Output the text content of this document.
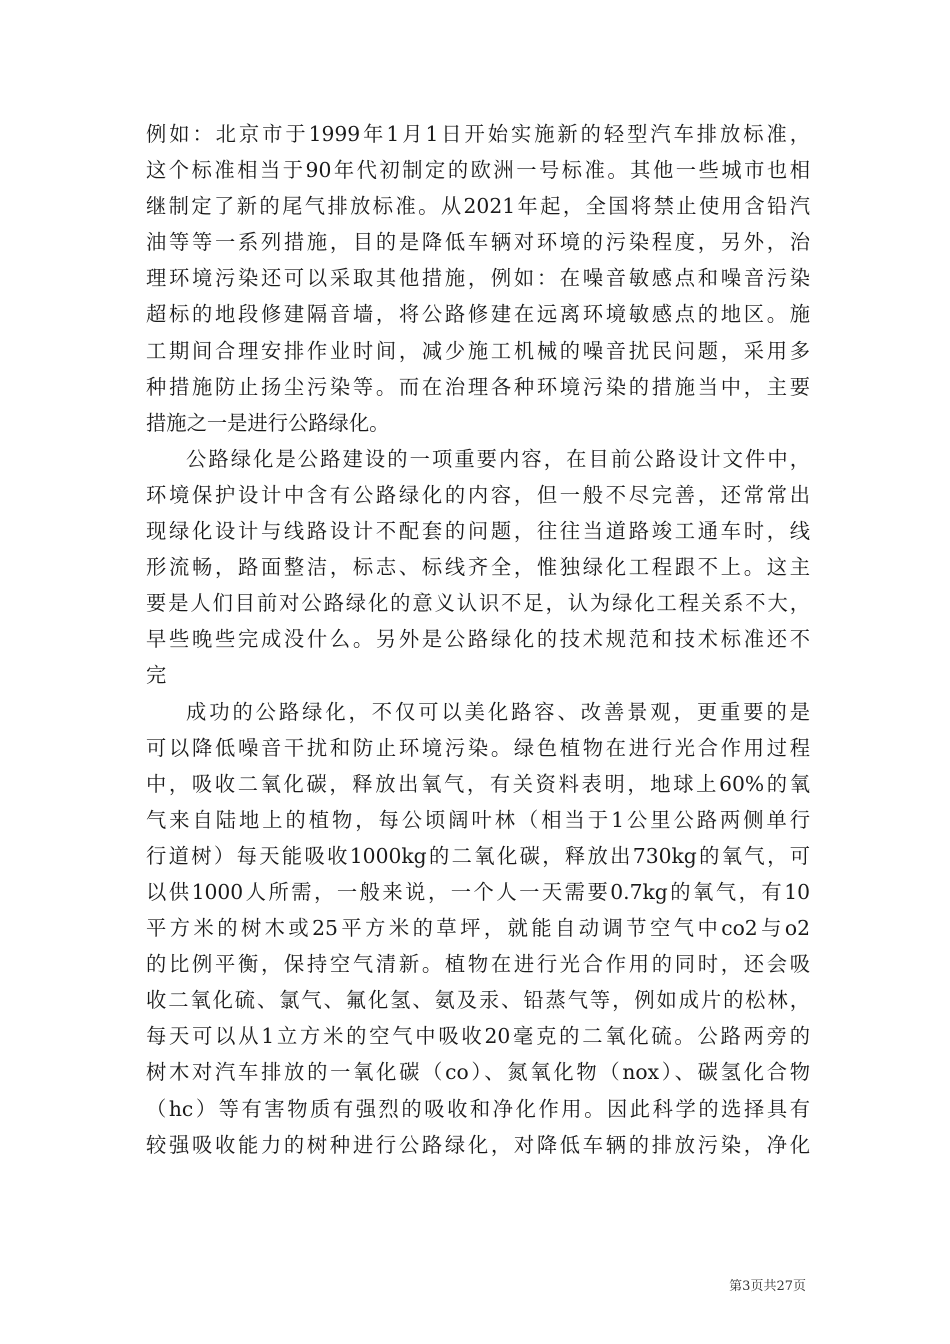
例如：北京市于1999年1月1日开始实施新的轻型汽车排放标准，
这个标准相当于90年代初制定的欧洲一号标准。其他一些城市也相
继制定了新的尾气排放标准。从2021年起，全国将禁止使用含铅汽
油等等一系列措施，目的是降低车辆对环境的污染程度，另外，治
理环境污染还可以采取其他措施，例如：在噪音敏感点和噪音污染
超标的地段修建隔音墙，将公路修建在远离环境敏感点的地区。施
工期间合理安排作业时间，减少施工机械的噪音扰民问题，采用多
种措施防止扬尘污染等。而在治理各种环境污染的措施当中，主要
措施之一是进行公路绿化。
公路绿化是公路建设的一项重要内容，在目前公路设计文件中，
环境保护设计中含有公路绿化的内容，但一般不尽完善，还常常出
现绿化设计与线路设计不配套的问题，往往当道路竣工通车时，线
形流畅，路面整洁，标志、标线齐全，惟独绿化工程跟不上。这主
要是人们目前对公路绿化的意义认识不足，认为绿化工程关系不大，
早些晚些完成没什么。另外是公路绿化的技术规范和技术标准还不
完
成功的公路绿化，不仅可以美化路容、改善景观，更重要的是
可以降低噪音干扰和防止环境污染。绿色植物在进行光合作用过程
中，吸收二氧化碳，释放出氧气，有关资料表明，地球上60%的氧
气来自陆地上的植物，每公顷阔叶林（相当于1公里公路两侧单行
行道树）每天能吸收1000kg的二氧化碳，释放出730kg的氧气，可
以供1000人所需，一般来说，一个人一天需要0.7kg的氧气，有10
平方米的树木或25平方米的草坪，就能自动调节空气中co2与o2
的比例平衡，保持空气清新。植物在进行光合作用的同时，还会吸
收二氧化硫、氯气、氟化氢、氨及汞、铅蒸气等，例如成片的松林，
每天可以从1立方米的空气中吸收20毫克的二氧化硫。公路两旁的
树木对汽车排放的一氧化碳（co）、氮氧化物（nox）、碳氢化合物
（hc）等有害物质有强烈的吸收和净化作用。因此科学的选择具有
较强吸收能力的树种进行公路绿化，对降低车辆的排放污染，净化
第3页共27页
